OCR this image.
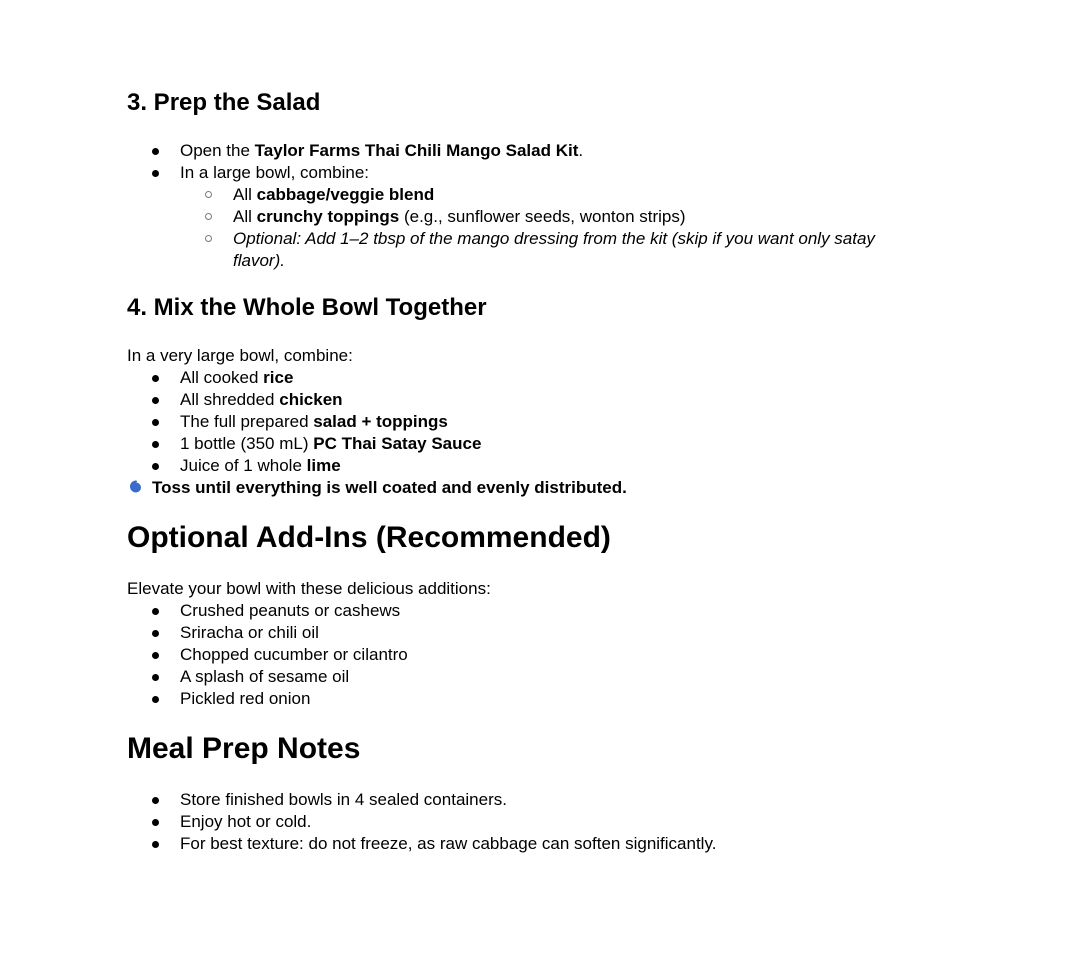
3. Prep the Salad
Open the Taylor Farms Thai Chili Mango Salad Kit.
In a large bowl, combine:
All cabbage/veggie blend
All crunchy toppings (e.g., sunflower seeds, wonton strips)
Optional: Add 1–2 tbsp of the mango dressing from the kit (skip if you want only satay flavor).
4. Mix the Whole Bowl Together

In a very large bowl, combine:

All cooked rice
All shredded chicken
The full prepared salad + toppings
1 bottle (350 mL) PC Thai Satay Sauce
Juice of 1 whole lime

Toss until everything is well coated and evenly distributed.

Optional Add-Ins (Recommended)

Elevate your bowl with these delicious additions:

Crushed peanuts or cashews
Sriracha or chili oil
Chopped cucumber or cilantro
A splash of sesame oil
Pickled red onion
Meal Prep Notes
Store finished bowls in 4 sealed containers.
Enjoy hot or cold.
For best texture: do not freeze, as raw cabbage can soften significantly.
